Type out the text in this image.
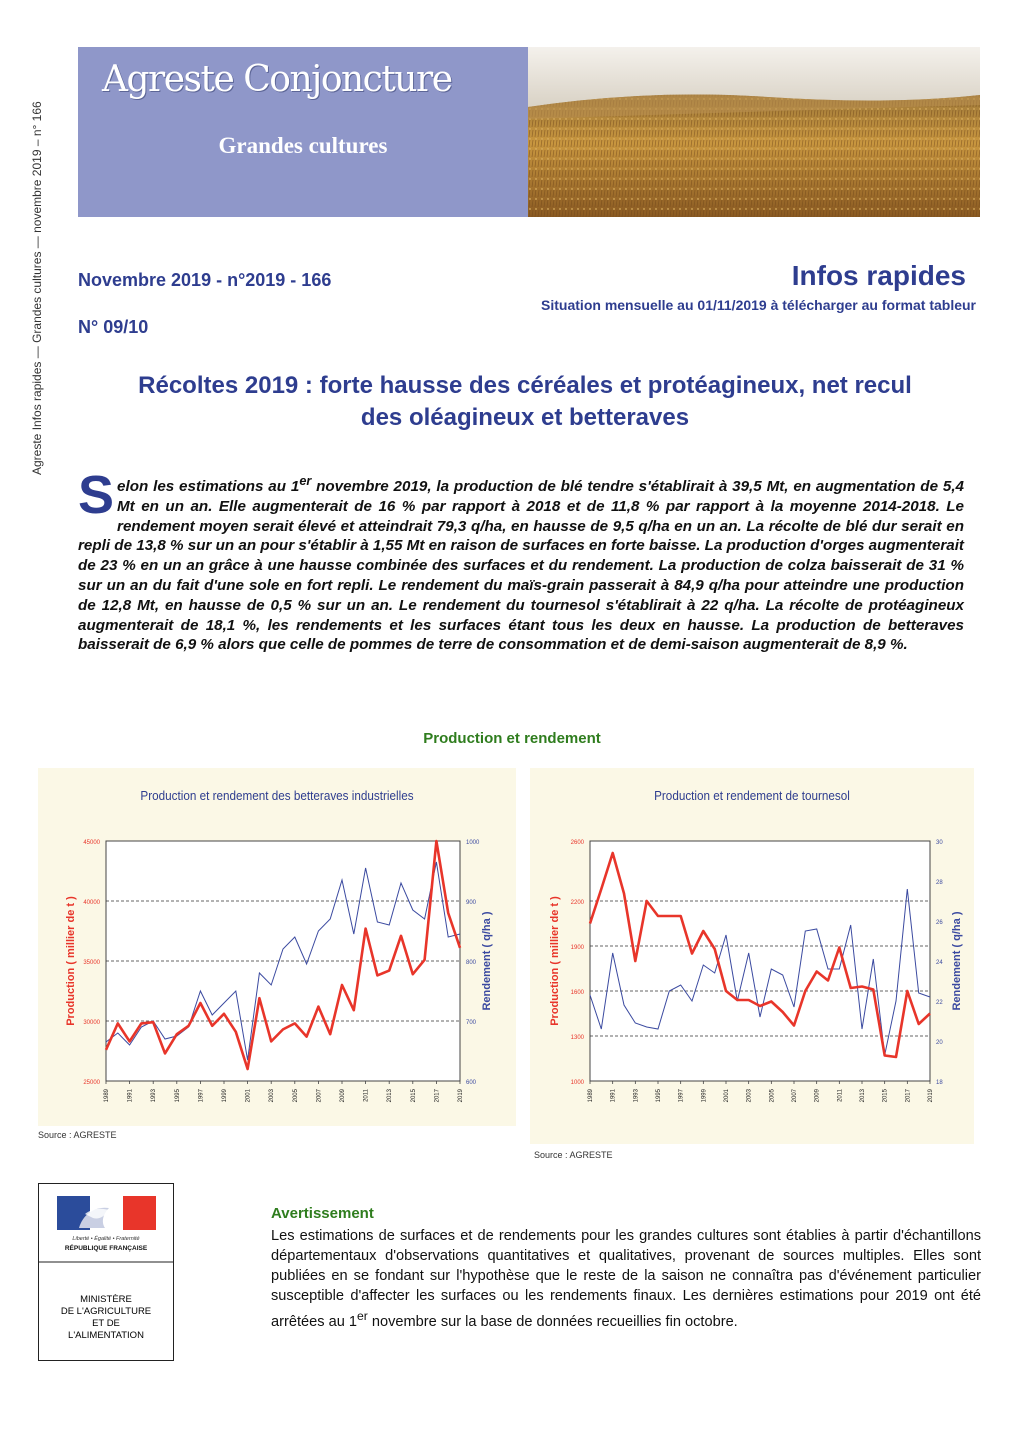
Agreste Infos rapides — Grandes cultures — novembre 2019 – n° 166
Agreste Conjoncture
Grandes cultures
Novembre 2019 - n°2019 - 166
N° 09/10
Infos rapides
Situation mensuelle au 01/11/2019 à télécharger au format tableur
Récoltes 2019 : forte hausse des céréales et protéagineux, net recul
des oléagineux et betteraves
Selon les estimations au 1er novembre 2019, la production de blé tendre s'établirait à 39,5 Mt, en augmentation de 5,4 Mt en un an. Elle augmenterait de 16 % par rapport à 2018 et de 11,8 % par rapport à la moyenne 2014-2018. Le rendement moyen serait élevé et atteindrait 79,3 q/ha, en hausse de 9,5 q/ha en un an. La récolte de blé dur serait en repli de 13,8 % sur un an pour s'établir à 1,55 Mt en raison de surfaces en forte baisse. La production d'orges augmenterait de 23 % en un an grâce à une hausse combinée des surfaces et du rendement. La production de colza baisserait de 31 % sur un an du fait d'une sole en fort repli. Le rendement du maïs-grain passerait à 84,9 q/ha pour atteindre une production de 12,8 Mt, en hausse de 0,5 % sur un an. Le rendement du tournesol s'établirait à 22 q/ha. La récolte de protéagineux augmenterait de 18,1 %, les rendements et les surfaces étant tous les deux en hausse. La production de betteraves baisserait de 6,9 % alors que celle de pommes de terre de consommation et de demi-saison augmenterait de 8,9 %.
Production et rendement
Production et rendement des betteraves industrielles
25000
30000
35000
40000
45000
600
700
800
900
1000
1989	1991	1993	1995	1997	1999	2001	2003	2005	2007	2009	2011	2013	2015	2017	2019
Production ( millier de t )	Rendement ( q/ha )
Source : AGRESTE
Production et rendement de tournesol
1000
1300
1600
1900
2200
2600
18
20
22
24
26
28
30
1989	1991	1993	1995	1997	1999	2001	2003	2005	2007	2009	2011	2013	2015	2017	2019
Production ( millier de t )	Rendement ( q/ha )
Source : AGRESTE
Liberté • Égalité • Fraternité
RÉPUBLIQUE FRANÇAISE
MINISTÈRE
DE L'AGRICULTURE
ET DE
L'ALIMENTATION
Avertissement
Les estimations de surfaces et de rendements pour les grandes cultures sont établies à partir d'échantillons départementaux d'observations quantitatives et qualitatives, provenant de sources multiples. Elles sont publiées en se fondant sur l'hypothèse que le reste de la saison ne connaîtra pas d'événement particulier susceptible d'affecter les surfaces ou les rendements finaux. Les dernières estimations pour 2019 ont été arrêtées au 1er novembre sur la base de données recueillies fin octobre.
